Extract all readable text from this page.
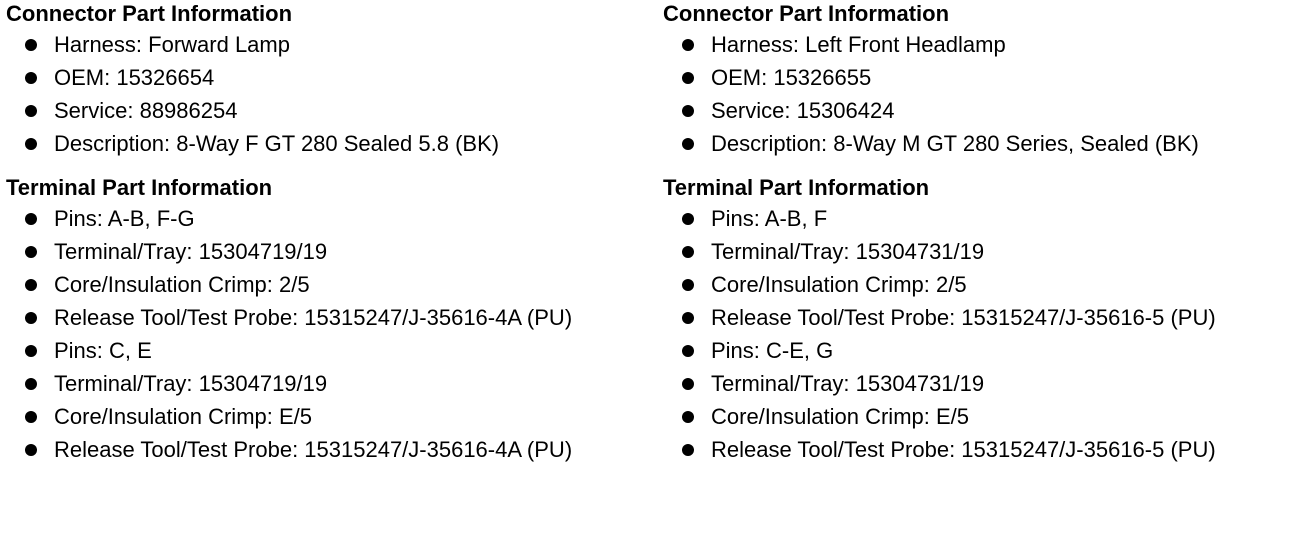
Connector Part Information
Harness: Forward Lamp
OEM: 15326654
Service: 88986254
Description: 8-Way F GT 280 Sealed 5.8 (BK)
Terminal Part Information
Pins: A-B, F-G
Terminal/Tray: 15304719/19
Core/Insulation Crimp: 2/5
Release Tool/Test Probe: 15315247/J-35616-4A (PU)
Pins: C, E
Terminal/Tray: 15304719/19
Core/Insulation Crimp: E/5
Release Tool/Test Probe: 15315247/J-35616-4A (PU)
Connector Part Information
Harness: Left Front Headlamp
OEM: 15326655
Service: 15306424
Description: 8-Way M GT 280 Series, Sealed (BK)
Terminal Part Information
Pins: A-B, F
Terminal/Tray: 15304731/19
Core/Insulation Crimp: 2/5
Release Tool/Test Probe: 15315247/J-35616-5 (PU)
Pins: C-E, G
Terminal/Tray: 15304731/19
Core/Insulation Crimp: E/5
Release Tool/Test Probe: 15315247/J-35616-5 (PU)
